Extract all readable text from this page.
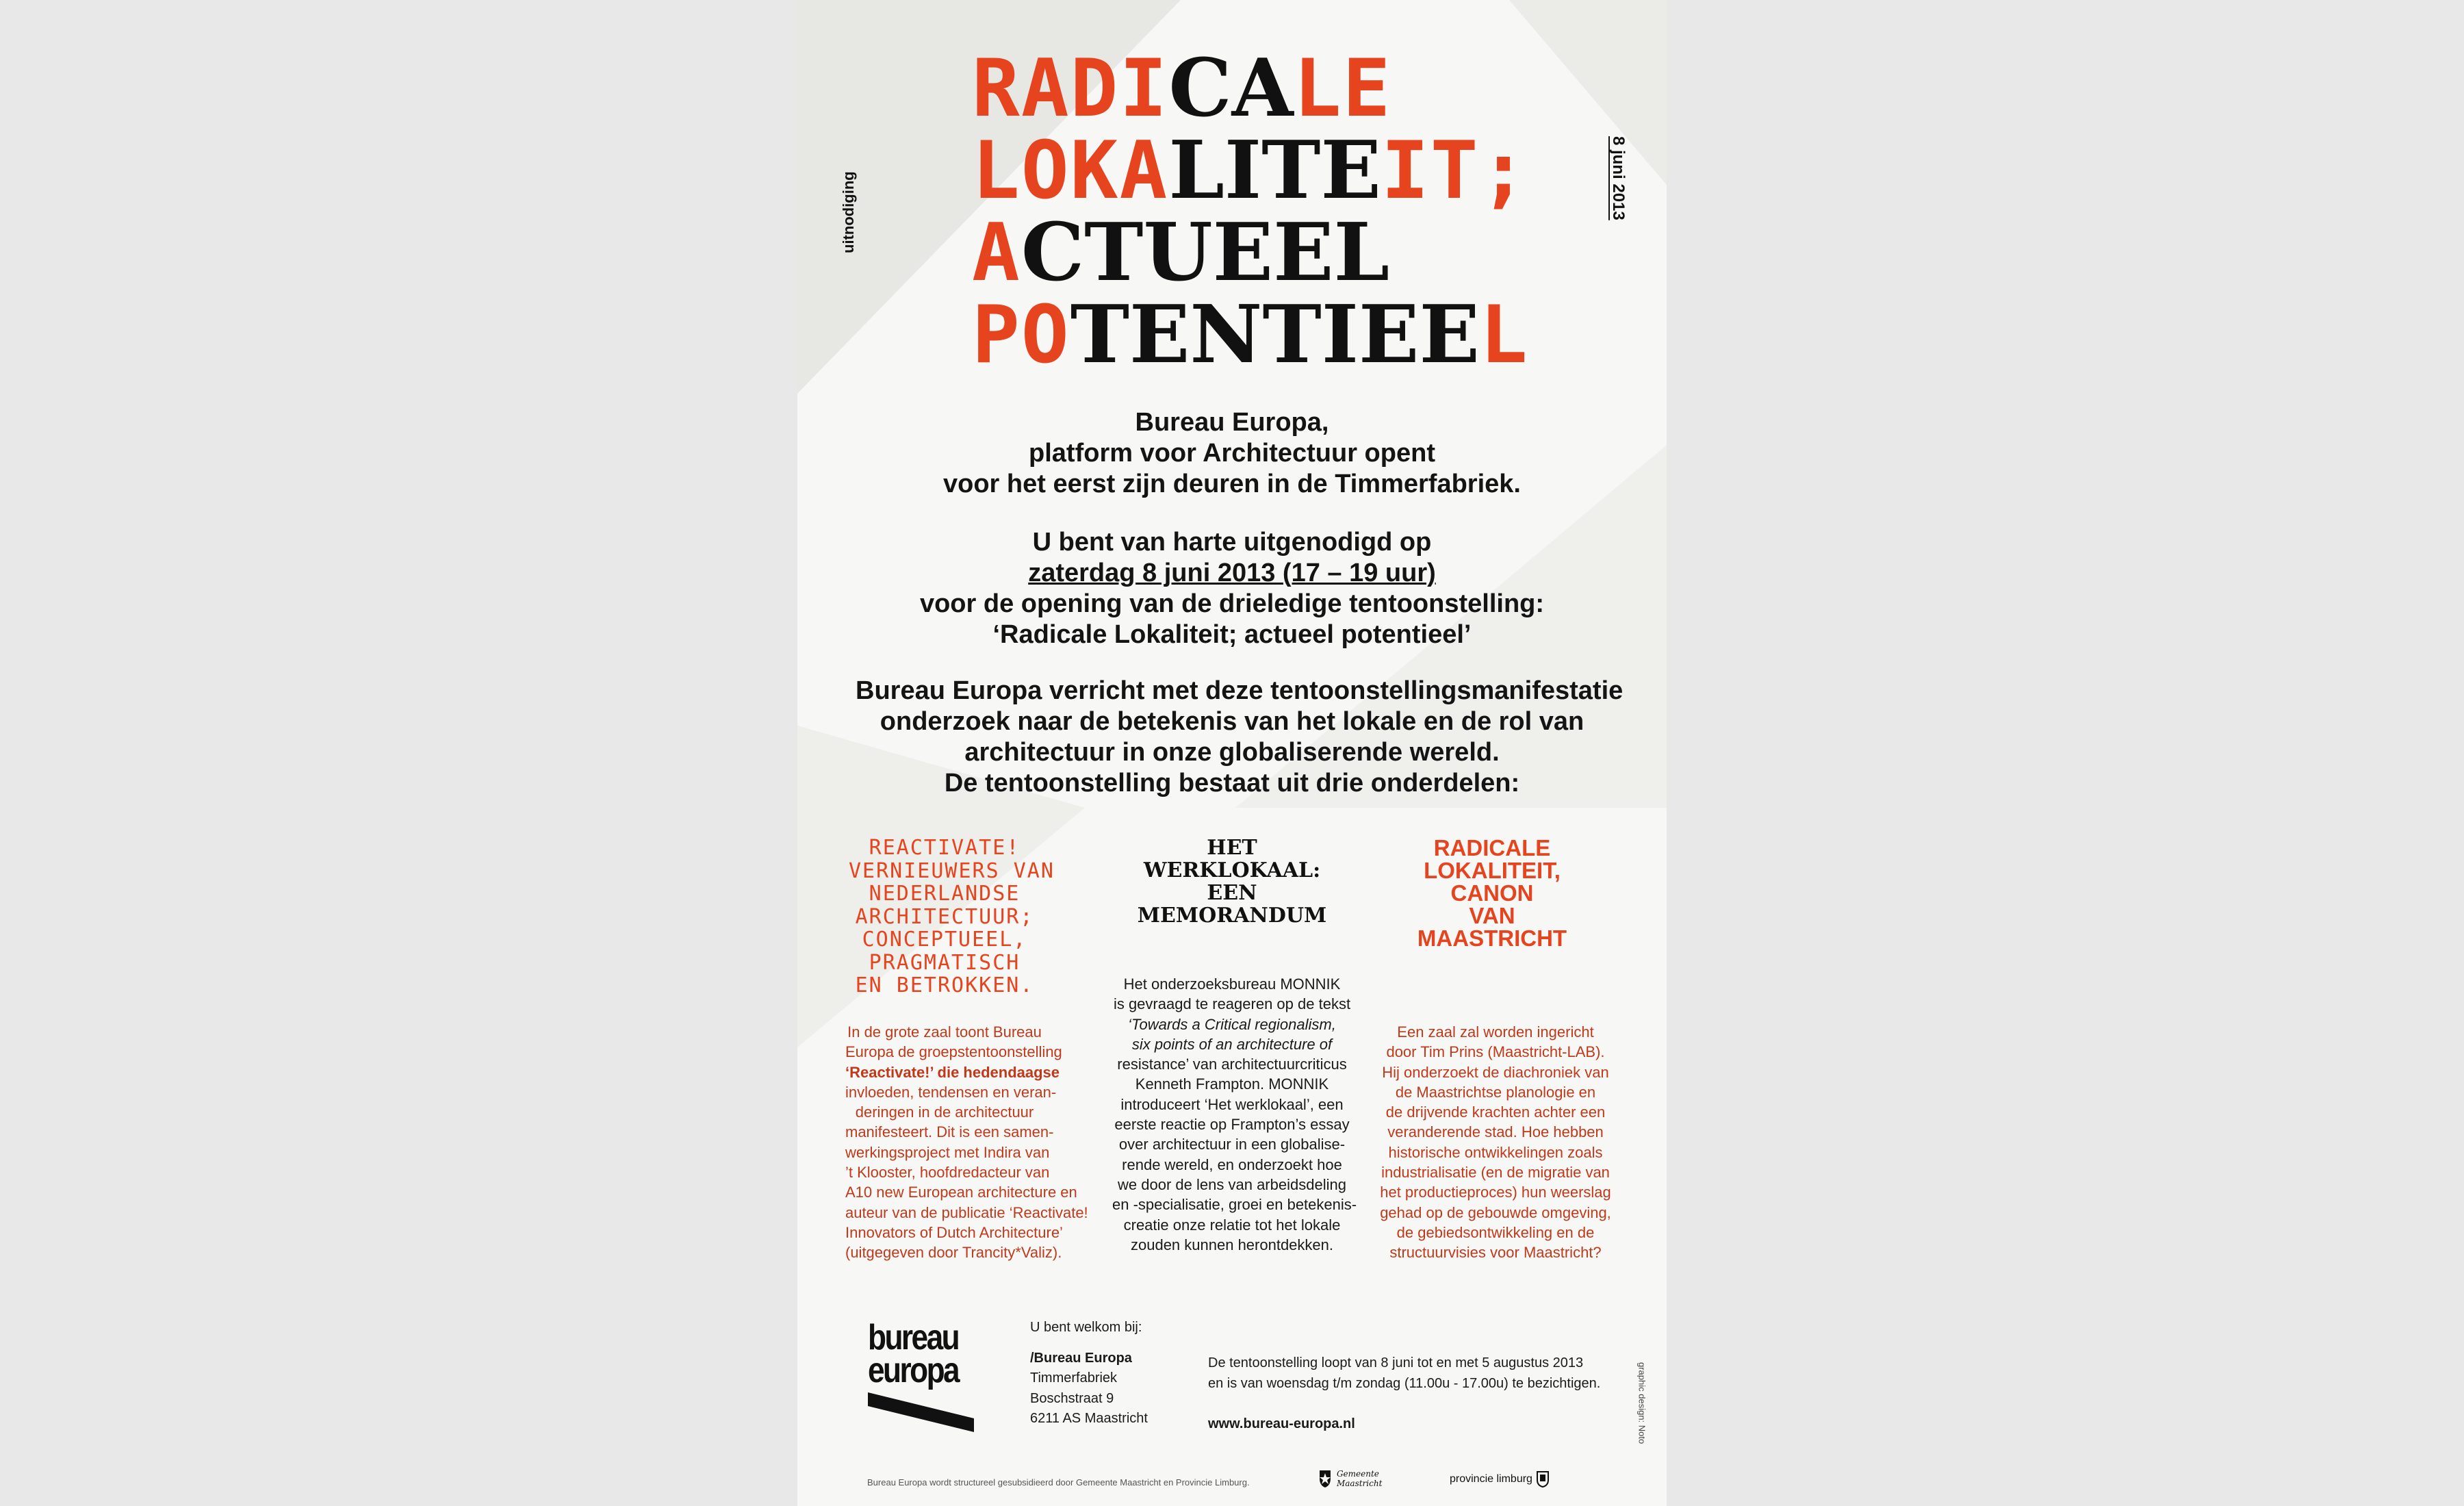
uitnodiging	8 juni 2013
graphic design: Noto
RADICALE
LOKALITEIT;
ACTUEEL
POTENTIEEL
Bureau Europa,
platform voor Architectuur opent
voor het eerst zijn deuren in de Timmerfabriek.
U bent van harte uitgenodigd op
zaterdag 8 juni 2013 (17 – 19 uur)
voor de opening van de drieledige tentoonstelling:
‘Radicale Lokaliteit; actueel potentieel’
Bureau Europa verricht met deze tentoonstellingsmanifestatie
onderzoek naar de betekenis van het lokale en de rol van
architectuur in onze globaliserende wereld.
De tentoonstelling bestaat uit drie onderdelen:
REACTIVATE!
VERNIEUWERS VAN
NEDERLANDSE
ARCHITECTUUR;
CONCEPTUEEL,
PRAGMATISCH
EN BETROKKEN.
HET
WERKLOKAAL:
EEN
MEMORANDUM
RADICALE
LOKALITEIT,
CANON
VAN
MAASTRICHT
In de grote zaal toont Bureau
Europa de groepstentoonstelling
‘Reactivate!’ die hedendaagse
invloeden, tendensen en veran-
deringen in de architectuur
manifesteert. Dit is een samen-
werkingsproject met Indira van
’t Klooster, hoofdredacteur van
A10 new European architecture en
auteur van de publicatie ‘Reactivate!
Innovators of Dutch Architecture’
(uitgegeven door Trancity*Valiz).
Het onderzoeksbureau MONNIK
is gevraagd te reageren op de tekst
‘Towards a Critical regionalism,
six points of an architecture of
resistance’ van architectuurcriticus
Kenneth Frampton. MONNIK
introduceert ‘Het werklokaal’, een
eerste reactie op Frampton’s essay
over architectuur in een globalise-
rende wereld, en onderzoekt hoe
we door de lens van arbeidsdeling
en -specialisatie, groei en betekenis-
creatie onze relatie tot het lokale
zouden kunnen herontdekken.
Een zaal zal worden ingericht
door Tim Prins (Maastricht-LAB).
Hij onderzoekt de diachroniek van
de Maastrichtse planologie en
de drijvende krachten achter een
veranderende stad. Hoe hebben
historische ontwikkelingen zoals
industrialisatie (en de migratie van
het productieproces) hun weerslag
gehad op de gebouwde omgeving,
de gebiedsontwikkeling en de
structuurvisies voor Maastricht?
bureau
europa
U bent welkom bij:
/Bureau Europa
Timmerfabriek
Boschstraat 9
6211 AS Maastricht
De tentoonstelling loopt van 8 juni tot en met 5 augustus 2013
en is van woensdag t/m zondag (11.00u - 17.00u) te bezichtigen.
www.bureau-europa.nl
Bureau Europa wordt structureel gesubsidieerd door Gemeente Maastricht en Provincie Limburg.
Gemeente Maastricht	provincie limburg
